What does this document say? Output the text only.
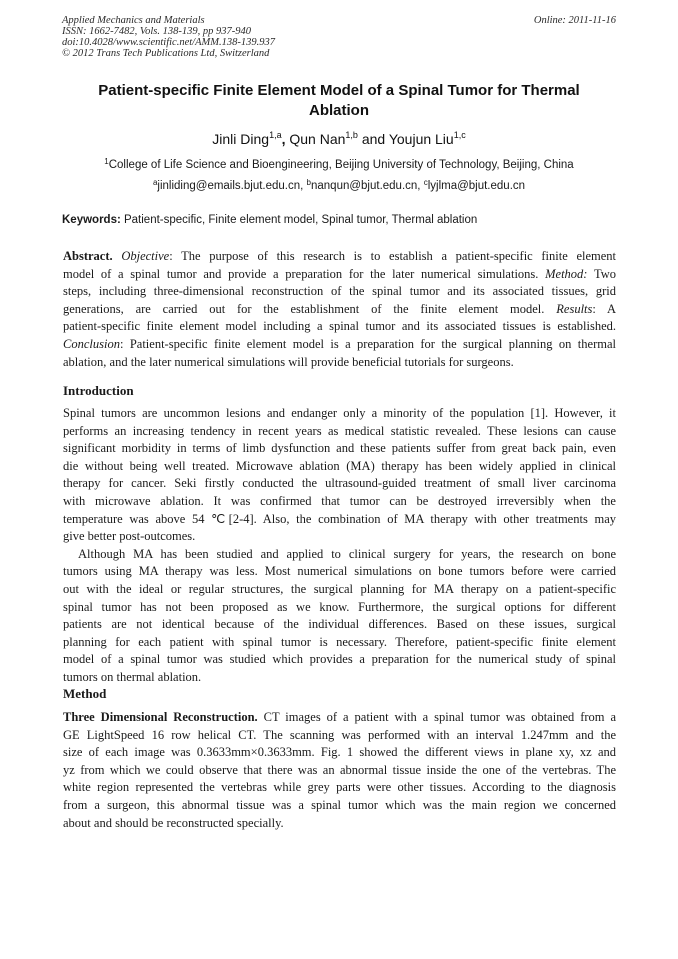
Applied Mechanics and Materials
ISSN: 1662-7482, Vols. 138-139, pp 937-940
doi:10.4028/www.scientific.net/AMM.138-139.937
© 2012 Trans Tech Publications Ltd, Switzerland
Online: 2011-11-16
Patient-specific Finite Element Model of a Spinal Tumor for Thermal
Ablation
Jinli Ding$^{1,a}$, Qun Nan$^{1,b}$ and Youjun Liu$^{1,c}$
$^1$College of Life Science and Bioengineering, Beijing University of Technology, Beijing, China
$^a$jinliding@emails.bjut.edu.cn, $^b$nanqun@bjut.edu.cn, $^c$lyjlma@bjut.edu.cn
Keywords: Patient-specific, Finite element model, Spinal tumor, Thermal ablation
Abstract. Objective: The purpose of this research is to establish a patient-specific finite element
model of a spinal tumor and provide a preparation for the later numerical simulations. Method: Two
steps, including three-dimensional reconstruction of the spinal tumor and its associated tissues, grid
generations, are carried out for the establishment of the finite element model. Results: A
patient-specific finite element model including a spinal tumor and its associated tissues is established.
Conclusion: Patient-specific finite element model is a preparation for the surgical planning on thermal
ablation, and the later numerical simulations will provide beneficial tutorials for surgeons.
Introduction
Spinal tumors are uncommon lesions and endanger only a minority of the population [1]. However, it
performs an increasing tendency in recent years as medical statistic revealed. These lesions can cause
significant morbidity in terms of limb dysfunction and these patients suffer from great back pain, even
die without being well treated. Microwave ablation (MA) therapy has been widely applied in clinical
therapy for cancer. Seki firstly conducted the ultrasound-guided treatment of small liver carcinoma
with microwave ablation. It was confirmed that tumor can be destroyed irreversibly when the
temperature was above 54 ℃[2-4]. Also, the combination of MA therapy with other treatments may
give better post-outcomes.
Although MA has been studied and applied to clinical surgery for years, the research on bone
tumors using MA therapy was less. Most numerical simulations on bone tumors before were carried
out with the ideal or regular structures, the surgical planning for MA therapy on a patient-specific
spinal tumor has not been proposed as we know. Furthermore, the surgical options for different
patients are not identical because of the individual differences. Based on these issues, surgical
planning for each patient with spinal tumor is necessary. Therefore, patient-specific finite element
model of a spinal tumor was studied which provides a preparation for the numerical study of spinal
tumors on thermal ablation.
Method
Three Dimensional Reconstruction. CT images of a patient with a spinal tumor was obtained from a
GE LightSpeed 16 row helical CT. The scanning was performed with an interval 1.247mm and the
size of each image was 0.3633mm×0.3633mm. Fig. 1 showed the different views in plane xy, xz and
yz from which we could observe that there was an abnormal tissue inside the one of the vertebras. The
white region represented the vertebras while grey parts were other tissues. According to the diagnosis
from a surgeon, this abnormal tissue was a spinal tumor which was the main region we concerned
about and should be reconstructed specially.
